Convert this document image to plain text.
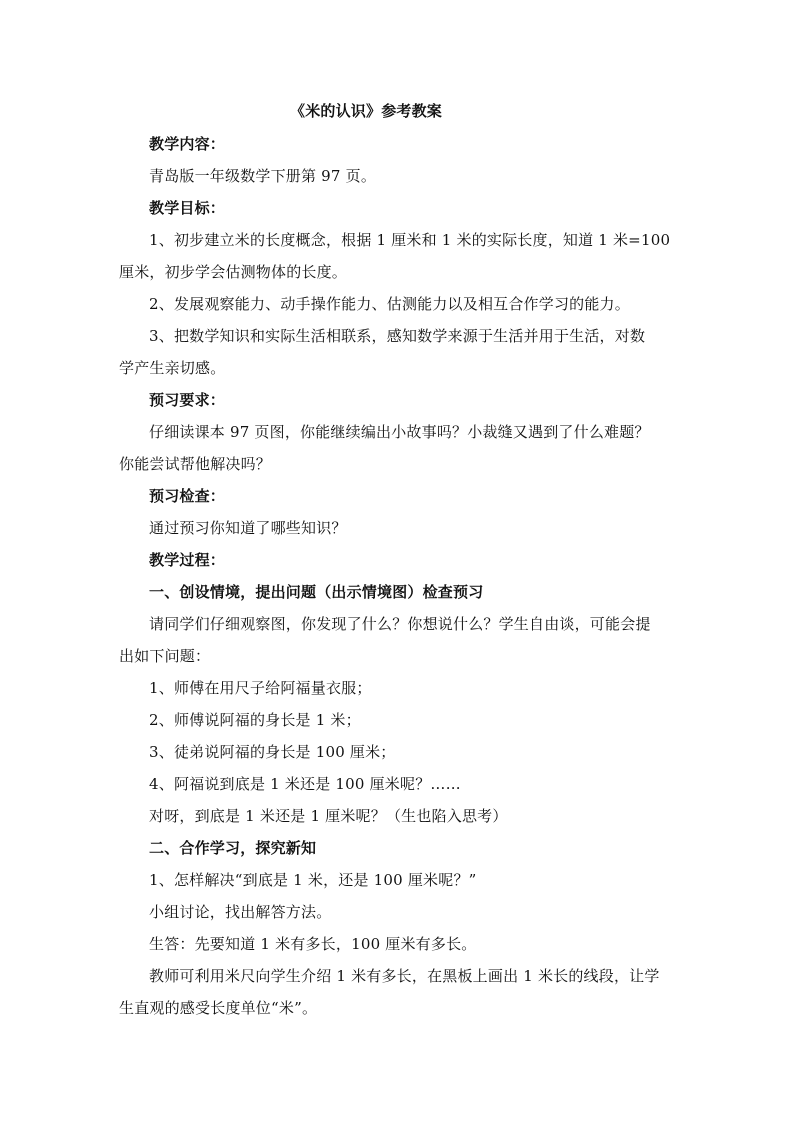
《米的认识》参考教案
教学内容：
青岛版一年级数学下册第 97 页。
教学目标：
1、初步建立米的长度概念，根据 1 厘米和 1 米的实际长度，知道 1 米=100
厘米，初步学会估测物体的长度。
2、发展观察能力、动手操作能力、估测能力以及相互合作学习的能力。
3、把数学知识和实际生活相联系，感知数学来源于生活并用于生活，对数
学产生亲切感。
预习要求：
仔细读课本 97 页图，你能继续编出小故事吗？小裁缝又遇到了什么难题？
你能尝试帮他解决吗？
预习检查：
通过预习你知道了哪些知识？
教学过程：
一、创设情境，提出问题（出示情境图）检查预习
请同学们仔细观察图，你发现了什么？你想说什么？学生自由谈，可能会提
出如下问题：
1、师傅在用尺子给阿福量衣服；
2、师傅说阿福的身长是 1 米；
3、徒弟说阿福的身长是 100 厘米；
4、阿福说到底是 1 米还是 100 厘米呢？……
对呀，到底是 1 米还是 1 厘米呢？（生也陷入思考）
二、合作学习，探究新知
1、怎样解决“到底是 1 米，还是 100 厘米呢？”
小组讨论，找出解答方法。
生答：先要知道 1 米有多长，100 厘米有多长。
教师可利用米尺向学生介绍 1 米有多长，在黑板上画出 1 米长的线段，让学
生直观的感受长度单位“米”。
